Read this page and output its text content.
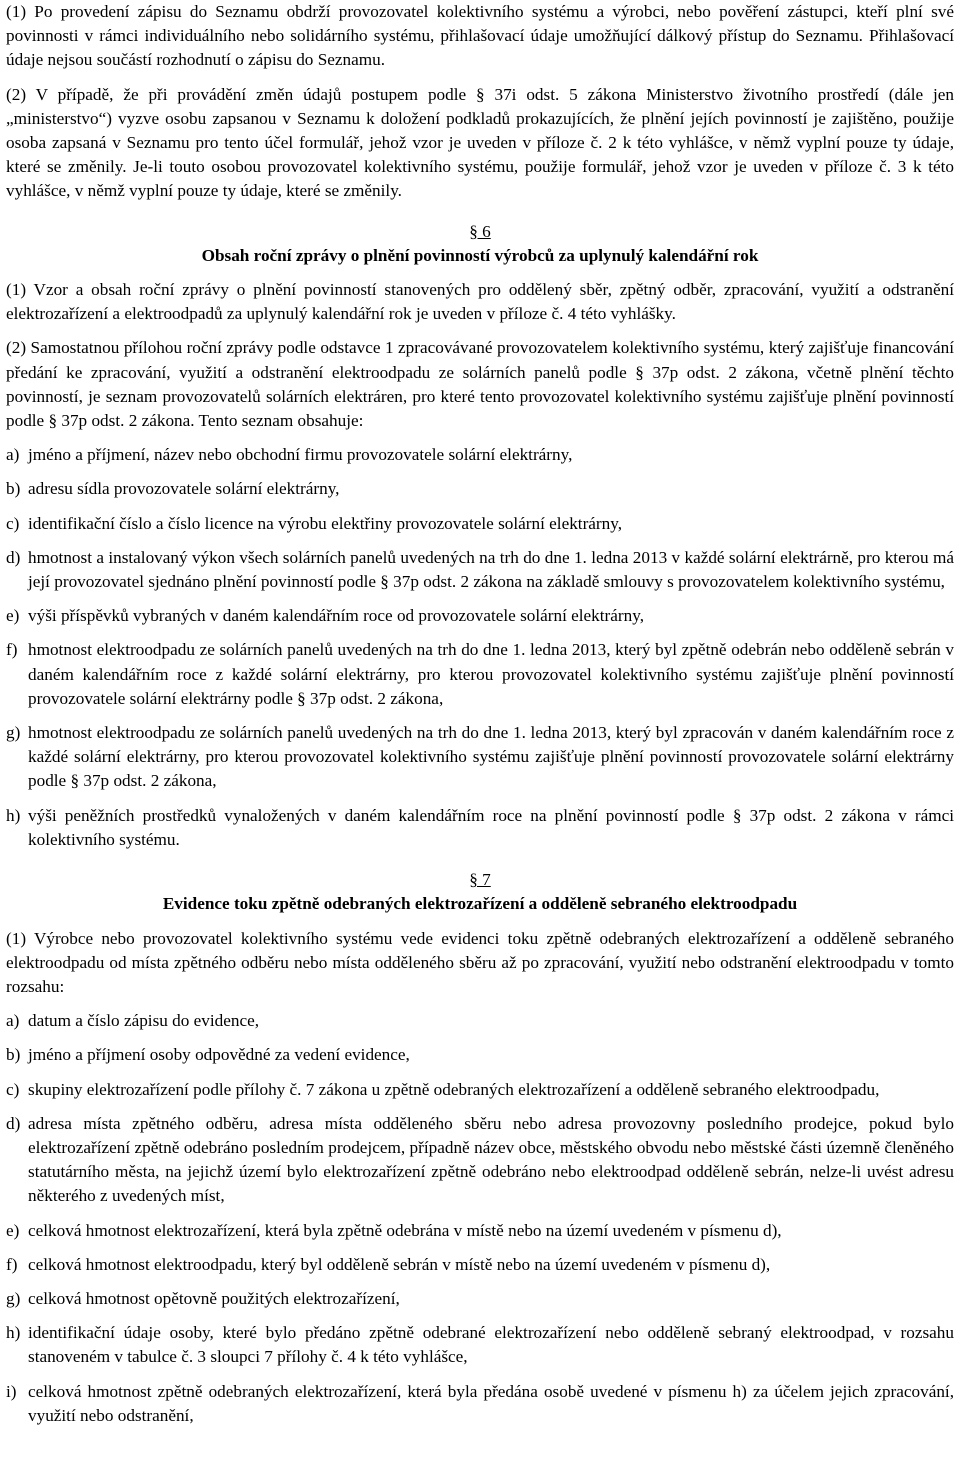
(1) Po provedení zápisu do Seznamu obdrží provozovatel kolektivního systému a výrobci, nebo pověření zástupci, kteří plní své povinnosti v rámci individuálního nebo solidárního systému, přihlašovací údaje umožňující dálkový přístup do Seznamu. Přihlašovací údaje nejsou součástí rozhodnutí o zápisu do Seznamu.

(2) V případě, že při provádění změn údajů postupem podle § 37i odst. 5 zákona Ministerstvo životního prostředí (dále jen „ministerstvo“) vyzve osobu zapsanou v Seznamu k doložení podkladů prokazujících, že plnění jejích povinností je zajištěno, použije osoba zapsaná v Seznamu pro tento účel formulář, jehož vzor je uveden v příloze č. 2 k této vyhlášce, v němž vyplní pouze ty údaje, které se změnily. Je-li touto osobou provozovatel kolektivního systému, použije formulář, jehož vzor je uveden v příloze č. 3 k této vyhlášce, v němž vyplní pouze ty údaje, které se změnily.

§ 6
Obsah roční zprávy o plnění povinností výrobců za uplynulý kalendářní rok

(1) Vzor a obsah roční zprávy o plnění povinností stanovených pro oddělený sběr, zpětný odběr, zpracování, využití a odstranění elektrozařízení a elektroodpadů za uplynulý kalendářní rok je uveden v příloze č. 4 této vyhlášky.

(2) Samostatnou přílohou roční zprávy podle odstavce 1 zpracovávané provozovatelem kolektivního systému, který zajišťuje financování předání ke zpracování, využití a odstranění elektroodpadu ze solárních panelů podle § 37p odst. 2 zákona, včetně plnění těchto povinností, je seznam provozovatelů solárních elektráren, pro které tento provozovatel kolektivního systému zajišťuje plnění povinností podle § 37p odst. 2 zákona. Tento seznam obsahuje:

a) jméno a příjmení, název nebo obchodní firmu provozovatele solární elektrárny,
b) adresu sídla provozovatele solární elektrárny,
c) identifikační číslo a číslo licence na výrobu elektřiny provozovatele solární elektrárny,
d) hmotnost a instalovaný výkon všech solárních panelů uvedených na trh do dne 1. ledna 2013 v každé solární elektrárně, pro kterou má její provozovatel sjednáno plnění povinností podle § 37p odst. 2 zákona na základě smlouvy s provozovatelem kolektivního systému,
e) výši příspěvků vybraných v daném kalendářním roce od provozovatele solární elektrárny,
f) hmotnost elektroodpadu ze solárních panelů uvedených na trh do dne 1. ledna 2013, který byl zpětně odebrán nebo odděleně sebrán v daném kalendářním roce z každé solární elektrárny, pro kterou provozovatel kolektivního systému zajišťuje plnění povinností provozovatele solární elektrárny podle § 37p odst. 2 zákona,
g) hmotnost elektroodpadu ze solárních panelů uvedených na trh do dne 1. ledna 2013, který byl zpracován v daném kalendářním roce z každé solární elektrárny, pro kterou provozovatel kolektivního systému zajišťuje plnění povinností provozovatele solární elektrárny podle § 37p odst. 2 zákona,
h) výši peněžních prostředků vynaložených v daném kalendářním roce na plnění povinností podle § 37p odst. 2 zákona v rámci kolektivního systému.
§ 7
Evidence toku zpětně odebraných elektrozařízení a odděleně sebraného elektroodpadu

(1) Výrobce nebo provozovatel kolektivního systému vede evidenci toku zpětně odebraných elektrozařízení a odděleně sebraného elektroodpadu od místa zpětného odběru nebo místa odděleného sběru až po zpracování, využití nebo odstranění elektroodpadu v tomto rozsahu:

a) datum a číslo zápisu do evidence,
b) jméno a příjmení osoby odpovědné za vedení evidence,
c) skupiny elektrozařízení podle přílohy č. 7 zákona u zpětně odebraných elektrozařízení a odděleně sebraného elektroodpadu,
d) adresa místa zpětného odběru, adresa místa odděleného sběru nebo adresa provozovny posledního prodejce, pokud bylo elektrozařízení zpětně odebráno posledním prodejcem, případně název obce, městského obvodu nebo městské části územně členěného statutárního města, na jejichž území bylo elektrozařízení zpětně odebráno nebo elektroodpad odděleně sebrán, nelze-li uvést adresu některého z uvedených míst,
e) celková hmotnost elektrozařízení, která byla zpětně odebrána v místě nebo na území uvedeném v písmenu d),
f) celková hmotnost elektroodpadu, který byl odděleně sebrán v místě nebo na území uvedeném v písmenu d),
g) celková hmotnost opětovně použitých elektrozařízení,
h) identifikační údaje osoby, které bylo předáno zpětně odebrané elektrozařízení nebo odděleně sebraný elektroodpad, v rozsahu stanoveném v tabulce č. 3 sloupci 7 přílohy č. 4 k této vyhlášce,
i) celková hmotnost zpětně odebraných elektrozařízení, která byla předána osobě uvedené v písmenu h) za účelem jejich zpracování, využití nebo odstranění,
